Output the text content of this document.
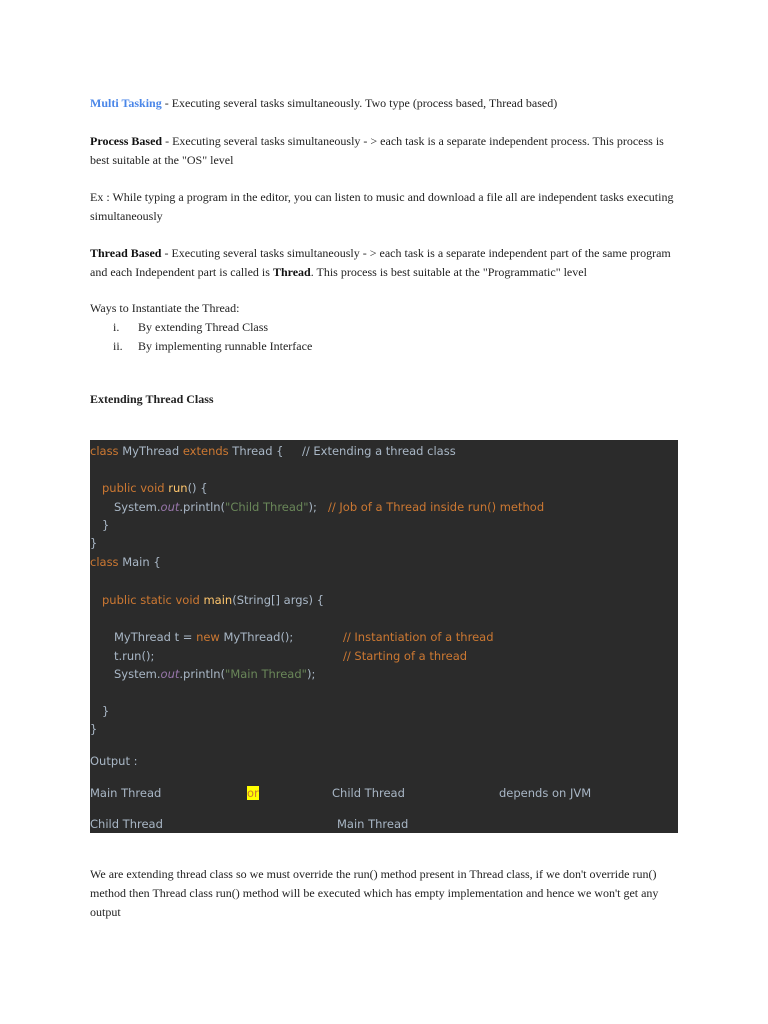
Multi Tasking - Executing several tasks simultaneously. Two type (process based, Thread based)

Process Based - Executing several tasks simultaneously - > each task is a separate independent process. This process is best suitable at the "OS" level

Ex : While typing a program in the editor, you can listen to music and download a file all are independent tasks executing simultaneously

Thread Based - Executing several tasks simultaneously - > each task is a separate independent part of the same program and each Independent part is called is Thread. This process is best suitable at the "Programmatic" level

Ways to Instantiate the Thread:

i. By extending Thread Class
ii. By implementing runnable Interface
Extending Thread Class
class MyThread extends Thread { // Extending a thread class
public void run() {
System.out.println("Child Thread"); // Job of a Thread inside run() method
}
}
class Main {
public static void main(String[] args) {
MyThread t = new MyThread();	// Instantiation of a thread
t.run();	// Starting of a thread
System.out.println("Main Thread");
}
}
Output :
Main Thread	or	Child Thread	depends on JVM
Child Thread	Main Thread

We are extending thread class so we must override the run() method present in Thread class, if we don't override run() method then Thread class run() method will be executed which has empty implementation and hence we won't get any output
